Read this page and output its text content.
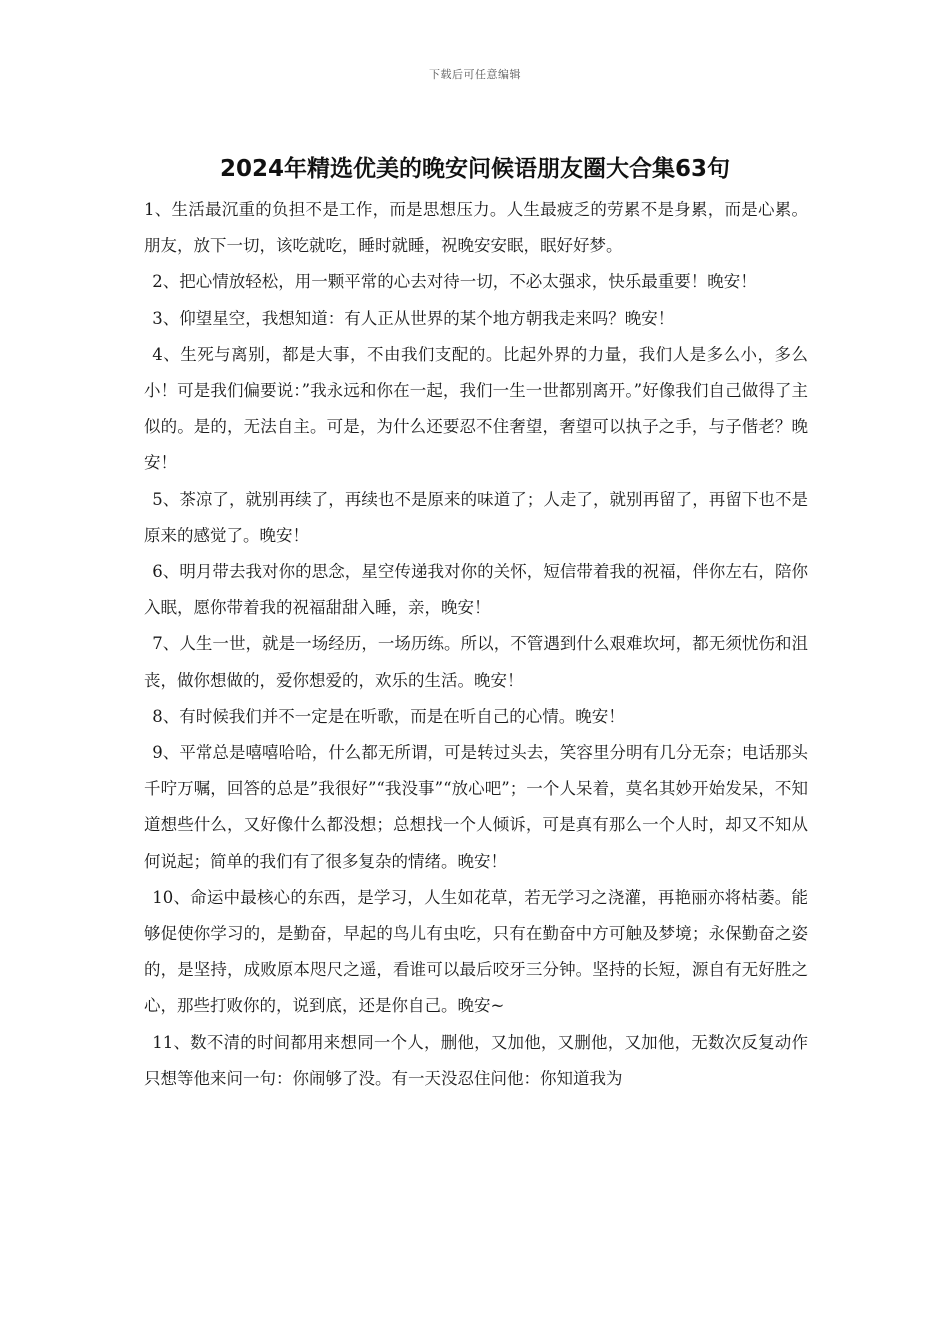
下载后可任意编辑
2024年精选优美的晚安问候语朋友圈大合集63句

1、生活最沉重的负担不是工作，而是思想压力。人生最疲乏的劳累不是身累，而是心累。朋友，放下一切，该吃就吃，睡时就睡，祝晚安安眠，眠好好梦。

2、把心情放轻松，用一颗平常的心去对待一切，不必太强求，快乐最重要！晚安！

3、仰望星空，我想知道：有人正从世界的某个地方朝我走来吗？晚安！

4、生死与离别，都是大事，不由我们支配的。比起外界的力量，我们人是多么小，多么小！可是我们偏要说：”我永远和你在一起，我们一生一世都别离开。”好像我们自己做得了主似的。是的，无法自主。可是，为什么还要忍不住奢望，奢望可以执子之手，与子偕老？晚安！

5、茶凉了，就别再续了，再续也不是原来的味道了；人走了，就别再留了，再留下也不是原来的感觉了。晚安！

6、明月带去我对你的思念，星空传递我对你的关怀，短信带着我的祝福，伴你左右，陪你入眠，愿你带着我的祝福甜甜入睡，亲，晚安！

7、人生一世，就是一场经历，一场历练。所以，不管遇到什么艰难坎坷，都无须忧伤和沮丧，做你想做的，爱你想爱的，欢乐的生活。晚安！

8、有时候我们并不一定是在听歌，而是在听自己的心情。晚安！

9、平常总是嘻嘻哈哈，什么都无所谓，可是转过头去，笑容里分明有几分无奈；电话那头千咛万嘱，回答的总是”我很好”“我没事”“放心吧”；一个人呆着，莫名其妙开始发呆，不知道想些什么，又好像什么都没想；总想找一个人倾诉，可是真有那么一个人时，却又不知从何说起；简单的我们有了很多复杂的情绪。晚安！

10、命运中最核心的东西，是学习，人生如花草，若无学习之浇灌，再艳丽亦将枯萎。能够促使你学习的，是勤奋，早起的鸟儿有虫吃，只有在勤奋中方可触及梦境；永保勤奋之姿的，是坚持，成败原本咫尺之遥，看谁可以最后咬牙三分钟。坚持的长短，源自有无好胜之心，那些打败你的，说到底，还是你自己。晚安~

11、数不清的时间都用来想同一个人，删他，又加他，又删他，又加他，无数次反复动作只想等他来问一句：你闹够了没。有一天没忍住问他：你知道我为
